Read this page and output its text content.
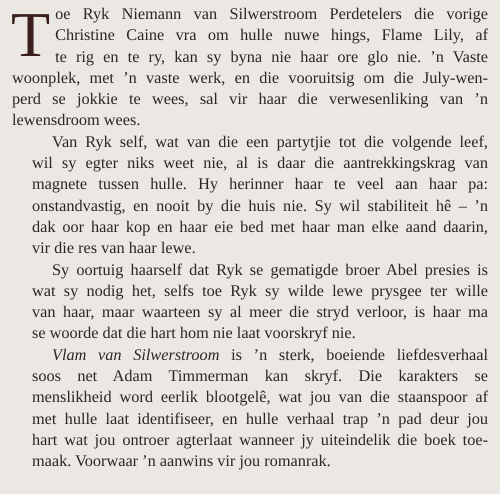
T oe Ryk Niemann van Silwerstroom Perdetelers die vorige
Christine Caine vra om hulle nuwe hings, Flame Lily, af
te rig en te ry, kan sy byna nie haar ore glo nie. ’n Vaste
woonplek, met ’n vaste werk, en die vooruitsig om die July-wen-
perd se jokkie te wees, sal vir haar die verwesenliking van ’n
lewensdroom wees.
Van Ryk self, wat van die een partytjie tot die volgende leef,
wil sy egter niks weet nie, al is daar die aantrekkingskrag van
magnete tussen hulle. Hy herinner haar te veel aan haar pa:
onstandvastig, en nooit by die huis nie. Sy wil stabiliteit hê – ’n
dak oor haar kop en haar eie bed met haar man elke aand daarin,
vir die res van haar lewe.
Sy oortuig haarself dat Ryk se gematigde broer Abel presies is
wat sy nodig het, selfs toe Ryk sy wilde lewe prysgee ter wille
van haar, maar waarteen sy al meer die stryd verloor, is haar ma
se woorde dat die hart hom nie laat voorskryf nie.
Vlam van Silwerstroom is ’n sterk, boeiende liefdesverhaal
soos net Adam Timmerman kan skryf. Die karakters se
menslikheid word eerlik blootgelê, wat jou van die staanspoor af
met hulle laat identifiseer, en hulle verhaal trap ’n pad deur jou
hart wat jou ontroer agterlaat wanneer jy uiteindelik die boek toe-
maak. Voorwaar ’n aanwins vir jou romanrak.
